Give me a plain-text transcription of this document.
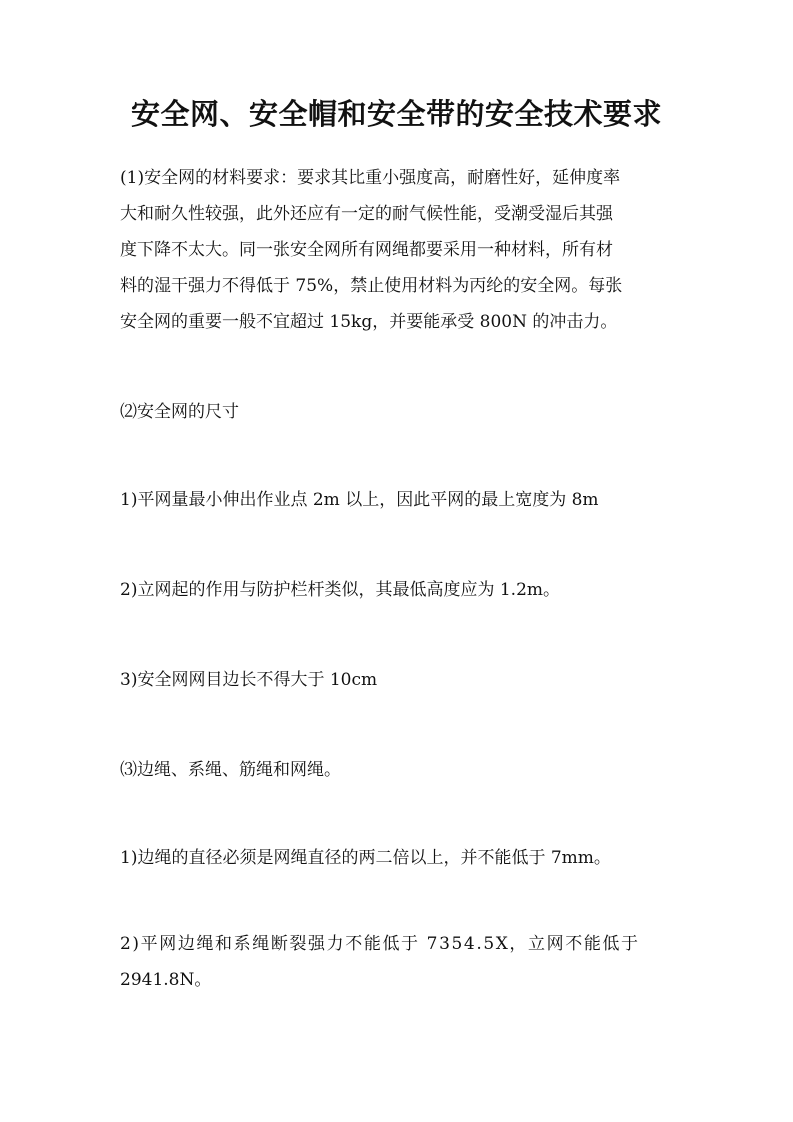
安全网、安全帽和安全带的安全技术要求
(1)安全网的材料要求：要求其比重小强度高，耐磨性好，延伸度率
大和耐久性较强，此外还应有一定的耐气候性能，受潮受湿后其强
度下降不太大。同一张安全网所有网绳都要采用一种材料，所有材
料的湿干强力不得低于 75%，禁止使用材料为丙纶的安全网。每张
安全网的重要一般不宜超过 15kg，并要能承受 800N 的冲击力。
⑵安全网的尺寸
1)平网量最小伸出作业点 2m 以上，因此平网的最上宽度为 8m
2)立网起的作用与防护栏杆类似，其最低高度应为 1.2m。
3)安全网网目边长不得大于 10cm
⑶边绳、系绳、筋绳和网绳。
1)边绳的直径必须是网绳直径的两二倍以上，并不能低于 7mm。
2)平网边绳和系绳断裂强力不能低于 7354.5X，立网不能低于
2941.8N。
